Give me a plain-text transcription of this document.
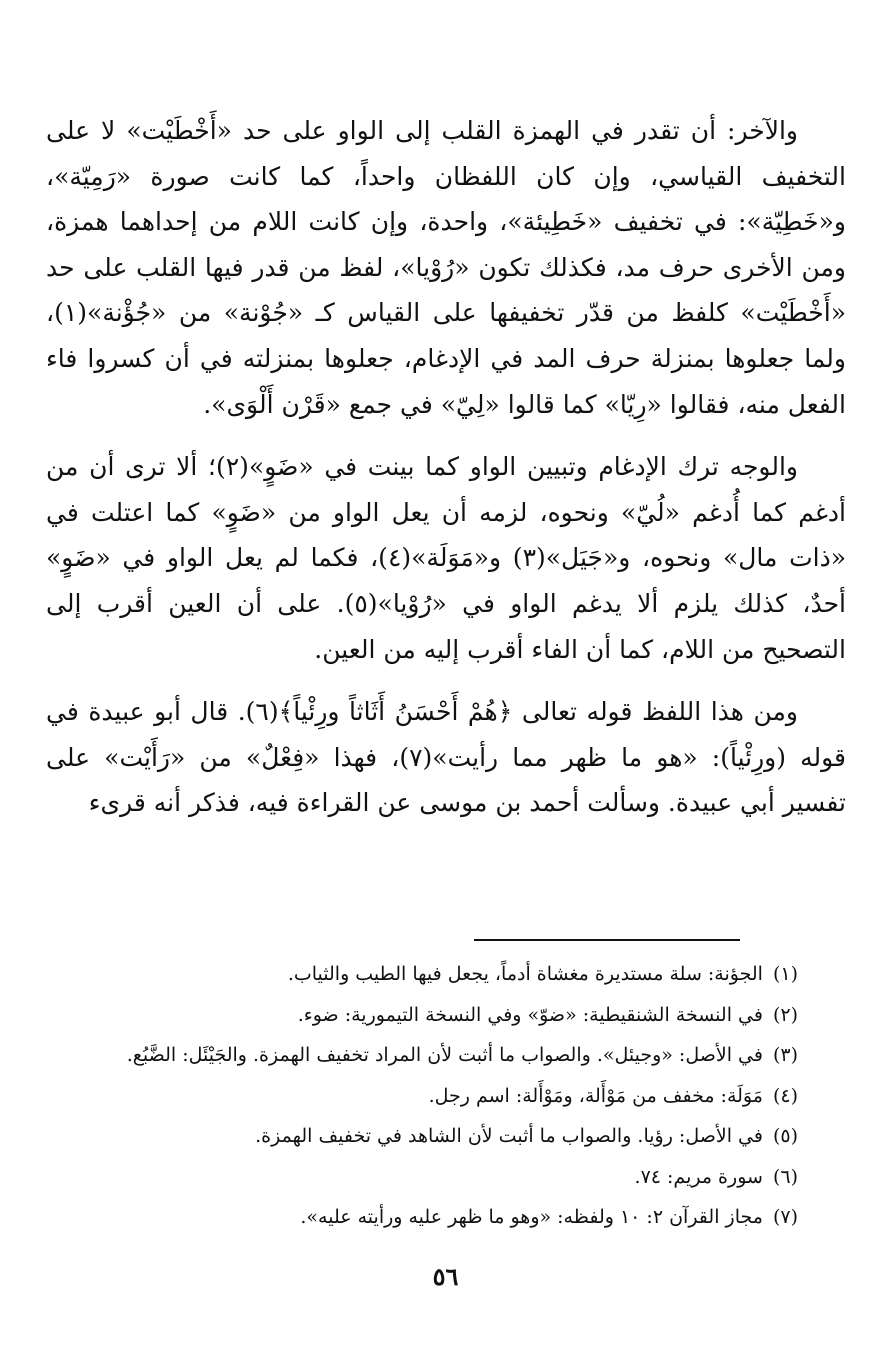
والآخر: أن تقدر في الهمزة القلب إلى الواو على حد «أَخْطَيْت» لا على التخفيف القياسي، وإن كان اللفظان واحداً، كما كانت صورة «رَمِيّة»، و«خَطِيّة»: في تخفيف «خَطِيئة»، واحدة، وإن كانت اللام من إحداهما همزة، ومن الأخرى حرف مد، فكذلك تكون «رُوْيا»، لفظ من قدر فيها القلب على حد «أَخْطَيْت» كلفظ من قدّر تخفيفها على القياس كـ «جُوْنة» من «جُؤْنة»(١)، ولما جعلوها بمنزلة حرف المد في الإدغام، جعلوها بمنزلته في أن كسروا فاء الفعل منه، فقالوا «رِيّا» كما قالوا «لِيّ» في جمع «قَرْن أَلْوَى».

والوجه ترك الإدغام وتبيين الواو كما بينت في «ضَوٍ»(٢)؛ ألا ترى أن من أدغم كما أُدغم «لُيّ» ونحوه، لزمه أن يعل الواو من «ضَوٍ» كما اعتلت في «ذات مال» ونحوه، و«جَيَل»(٣) و«مَوَلَة»(٤)، فكما لم يعل الواو في «ضَوٍ» أحدٌ، كذلك يلزم ألا يدغم الواو في «رُوْيا»(٥). على أن العين أقرب إلى التصحيح من اللام، كما أن الفاء أقرب إليه من العين.

ومن هذا اللفظ قوله تعالى ﴿هُمْ أَحْسَنُ أَثَاثاً ورِئْياً﴾(٦). قال أبو عبيدة في قوله (ورِئْياً): «هو ما ظهر مما رأيت»(٧)، فهذا «فِعْلٌ» من «رَأَيْت» على تفسير أبي عبيدة. وسألت أحمد بن موسى عن القراءة فيه، فذكر أنه قرىء

(١)
الجؤنة: سلة مستديرة مغشاة أدماً، يجعل فيها الطيب والثياب.
(٢)
في النسخة الشنقيطية: «ضوّ» وفي النسخة التيمورية: ضوء.
(٣)
في الأصل: «وجيئل». والصواب ما أثبت لأن المراد تخفيف الهمزة. والجَيْئَل: الضَّبُع.
(٤)
مَوَلَة: مخفف من مَوْأَلة، ومَوْأَلة: اسم رجل.
(٥)
في الأصل: رؤيا. والصواب ما أثبت لأن الشاهد في تخفيف الهمزة.
(٦)
سورة مريم: ٧٤.
(٧)
مجاز القرآن ٢: ١٠ ولفظه: «وهو ما ظهر عليه ورأيته عليه».
٥٦
